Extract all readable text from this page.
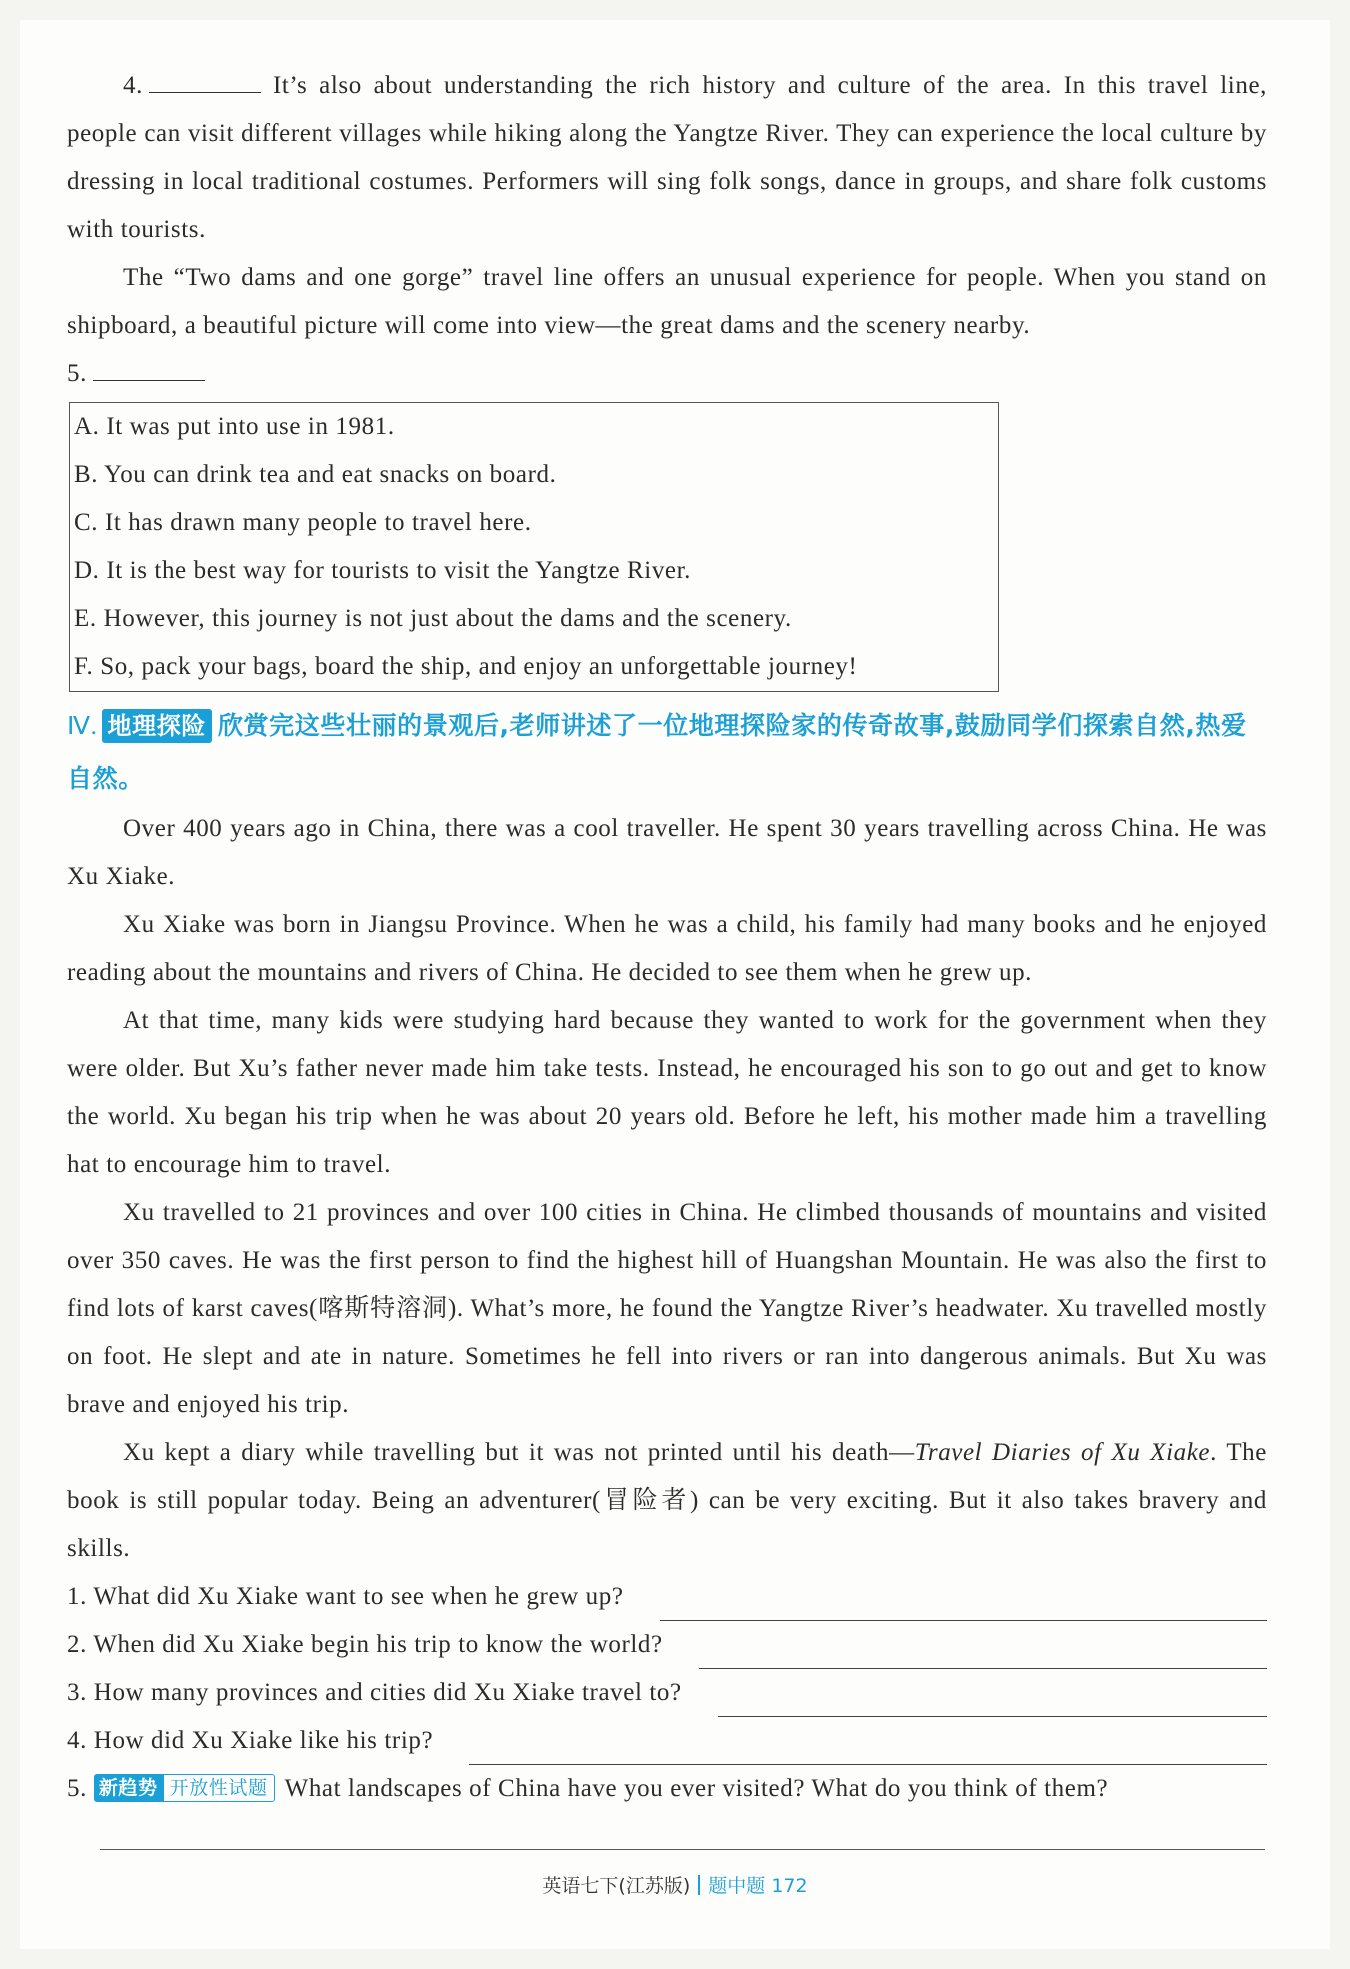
4.	It’s also about understanding the rich history and culture of the area. In this travel line, people can visit different villages while hiking along the Yangtze River. They can experience the local culture by dressing in local traditional costumes. Performers will sing folk songs, dance in groups, and share folk customs with tourists.

The “Two dams and one gorge” travel line offers an unusual experience for people. When you stand on shipboard, a beautiful picture will come into view—the great dams and the scenery nearby.

5.

A. It was put into use in 1981.
B. You can drink tea and eat snacks on board.
C. It has drawn many people to travel here.
D. It is the best way for tourists to visit the Yangtze River.
E. However, this journey is not just about the dams and the scenery.
F. So, pack your bags, board the ship, and enjoy an unforgettable journey!
Ⅳ. 地理探险 欣赏完这些壮丽的景观后,老师讲述了一位地理探险家的传奇故事,鼓励同学们探索自然,热爱自然。

Over 400 years ago in China, there was a cool traveller. He spent 30 years travelling across China. He was Xu Xiake.

Xu Xiake was born in Jiangsu Province. When he was a child, his family had many books and he enjoyed reading about the mountains and rivers of China. He decided to see them when he grew up.

At that time, many kids were studying hard because they wanted to work for the government when they were older. But Xu’s father never made him take tests. Instead, he encouraged his son to go out and get to know the world. Xu began his trip when he was about 20 years old. Before he left, his mother made him a travelling hat to encourage him to travel.

Xu travelled to 21 provinces and over 100 cities in China. He climbed thousands of mountains and visited over 350 caves. He was the first person to find the highest hill of Huangshan Mountain. He was also the first to find lots of karst caves(喀斯特溶洞). What’s more, he found the Yangtze River’s headwater. Xu travelled mostly on foot. He slept and ate in nature. Sometimes he fell into rivers or ran into dangerous animals. But Xu was brave and enjoyed his trip.

Xu kept a diary while travelling but it was not printed until his death—Travel Diaries of Xu Xiake. The book is still popular today. Being an adventurer(冒险者) can be very exciting. But it also takes bravery and skills.

1. What did Xu Xiake want to see when he grew up?
2. When did Xu Xiake begin his trip to know the world?
3. How many provinces and cities did Xu Xiake travel to?
4. How did Xu Xiake like his trip?

5. 新趋势 开放性试题 What landscapes of China have you ever visited? What do you think of them?

英语七下(江苏版) 题中题 172
